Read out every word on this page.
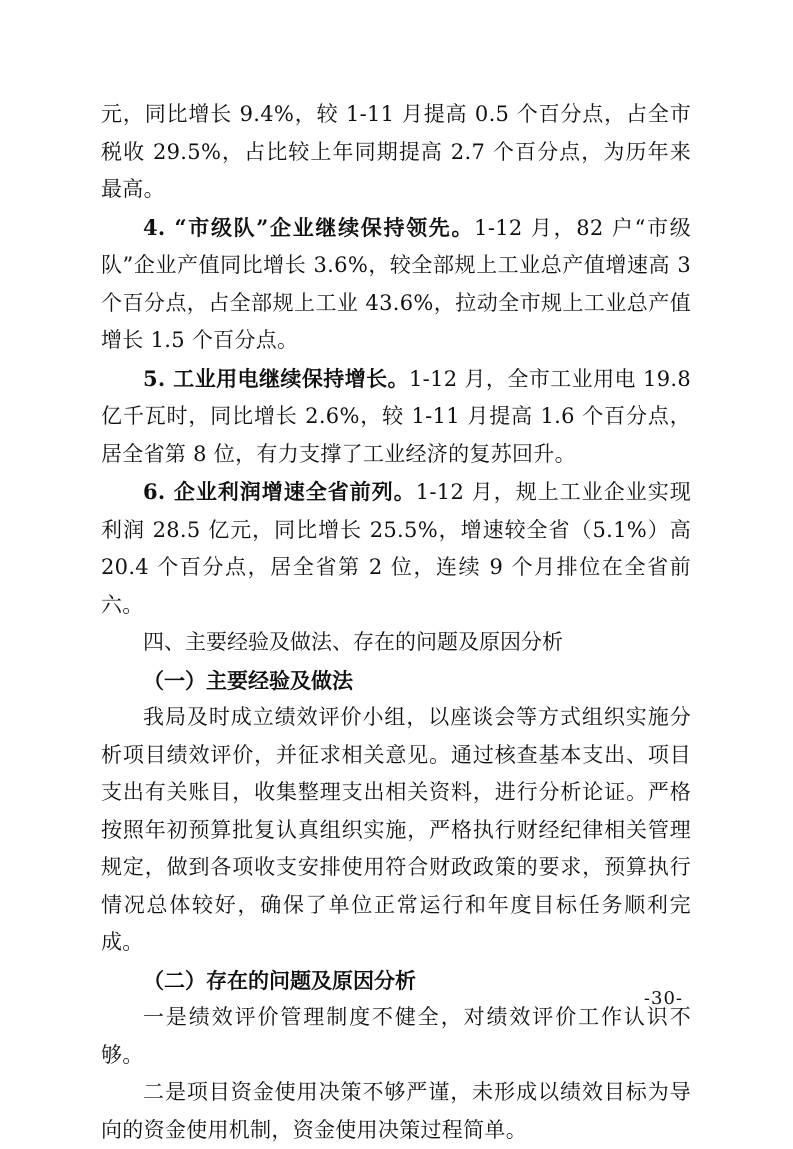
元，同比增长 9.4%，较 1-11 月提高 0.5 个百分点，占全市税收 29.5%，占比较上年同期提高 2.7 个百分点，为历年来最高。

4. “市级队”企业继续保持领先。1-12 月，82 户“市级队”企业产值同比增长 3.6%，较全部规上工业总产值增速高 3 个百分点，占全部规上工业 43.6%，拉动全市规上工业总产值增长 1.5 个百分点。

5. 工业用电继续保持增长。1-12 月，全市工业用电 19.8 亿千瓦时，同比增长 2.6%，较 1-11 月提高 1.6 个百分点，居全省第 8 位，有力支撑了工业经济的复苏回升。

6. 企业利润增速全省前列。1-12 月，规上工业企业实现利润 28.5 亿元，同比增长 25.5%，增速较全省（5.1%）高 20.4 个百分点，居全省第 2 位，连续 9 个月排位在全省前六。

四、主要经验及做法、存在的问题及原因分析

（一）主要经验及做法

我局及时成立绩效评价小组，以座谈会等方式组织实施分析项目绩效评价，并征求相关意见。通过核查基本支出、项目支出有关账目，收集整理支出相关资料，进行分析论证。严格按照年初预算批复认真组织实施，严格执行财经纪律相关管理规定，做到各项收支安排使用符合财政政策的要求，预算执行情况总体较好，确保了单位正常运行和年度目标任务顺利完成。

（二）存在的问题及原因分析

一是绩效评价管理制度不健全，对绩效评价工作认识不够。

二是项目资金使用决策不够严谨，未形成以绩效目标为导向的资金使用机制，资金使用决策过程简单。

-30-
